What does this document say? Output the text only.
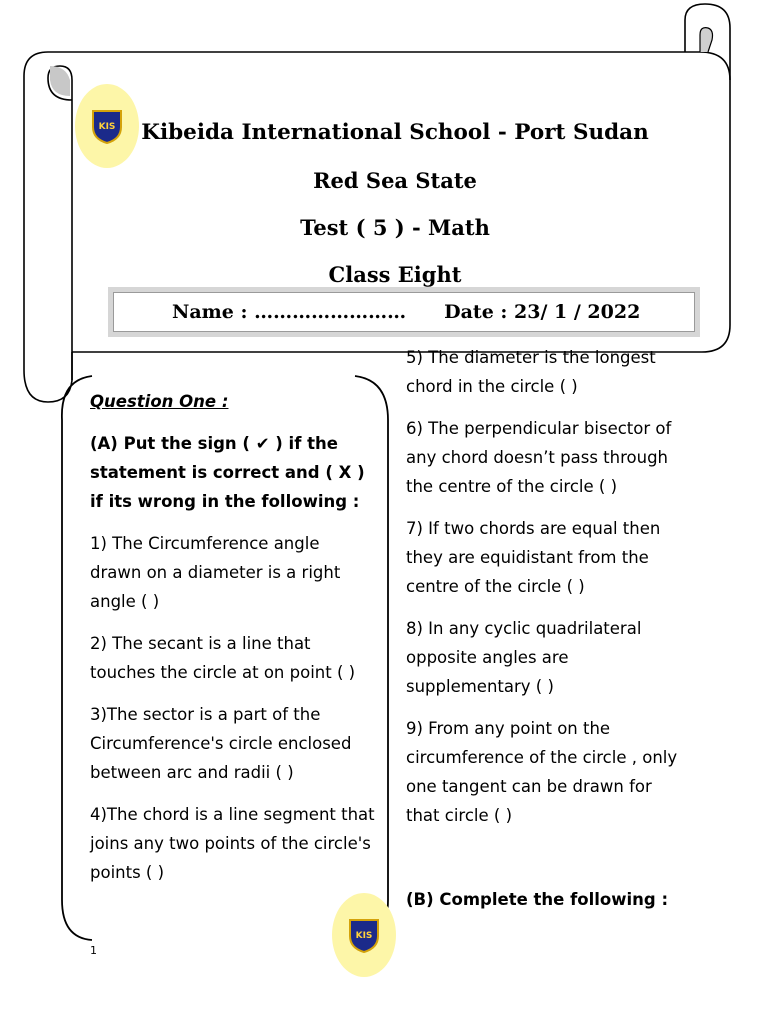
KIS	Kibeida International School - Port Sudan
Red Sea State
Test ( 5 ) - Math
Class Eight
Name : …………………… Date : 23/ 1 / 2022

Question One :

(A) Put the sign ( ✔ ) if the statement is correct and ( X ) if its wrong in the following :

1) The Circumference angle drawn on a diameter is a right angle ( )

2) The secant is a line that touches the circle at on point ( )

3)The sector is a part of the Circumference's circle enclosed between arc and radii ( )

4)The chord is a line segment that joins any two points of the circle's points ( )

5) The diameter is the longest chord in the circle ( )

6) The perpendicular bisector of any chord doesn’t pass through the centre of the circle ( )

7) If two chords are equal then they are equidistant from the centre of the circle ( )

8) In any cyclic quadrilateral opposite angles are supplementary ( )

9) From any point on the circumference of the circle , only one tangent can be drawn for that circle ( )

(B) Complete the following :
KIS
1
